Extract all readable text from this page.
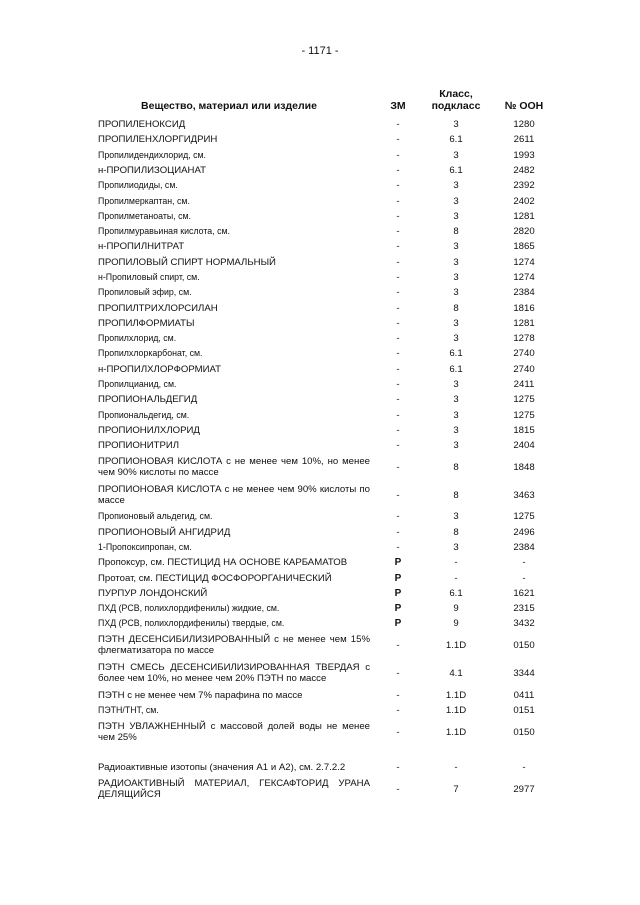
- 1171 -
Вещество, материал или изделие	ЗМ	Класс, подкласс	№ ООН
ПРОПИЛЕНОКСИД	-	3	1280
ПРОПИЛЕНХЛОРГИДРИН	-	6.1	2611
Пропилидендихлорид, см.	-	3	1993
н-ПРОПИЛИЗОЦИАНАТ	-	6.1	2482
Пропилиодиды, см.	-	3	2392
Пропилмеркаптан, см.	-	3	2402
Пропилметаноаты, см.	-	3	1281
Пропилмуравьиная кислота, см.	-	8	2820
н-ПРОПИЛНИТРАТ	-	3	1865
ПРОПИЛОВЫЙ СПИРТ НОРМАЛЬНЫЙ	-	3	1274
н-Пропиловый спирт, см.	-	3	1274
Пропиловый эфир, см.	-	3	2384
ПРОПИЛТРИХЛОРСИЛАН	-	8	1816
ПРОПИЛФОРМИАТЫ	-	3	1281
Пропилхлорид, см.	-	3	1278
Пропилхлоркарбонат, см.	-	6.1	2740
н-ПРОПИЛХЛОРФОРМИАТ	-	6.1	2740
Пропилцианид, см.	-	3	2411
ПРОПИОНАЛЬДЕГИД	-	3	1275
Пропиональдегид, см.	-	3	1275
ПРОПИОНИЛХЛОРИД	-	3	1815
ПРОПИОНИТРИЛ	-	3	2404
ПРОПИОНОВАЯ КИСЛОТА с не менее чем 10%, но менее чем 90% кислоты по массе	-	8	1848
ПРОПИОНОВАЯ КИСЛОТА с не менее чем 90% кислоты по массе	-	8	3463
Пропионовый альдегид, см.	-	3	1275
ПРОПИОНОВЫЙ АНГИДРИД	-	8	2496
1-Пропоксипропан, см.	-	3	2384
Пропоксур, см. ПЕСТИЦИД НА ОСНОВЕ КАРБАМАТОВ	P	-	-
Протоат, см. ПЕСТИЦИД ФОСФОРОРГАНИЧЕСКИЙ	P	-	-
ПУРПУР ЛОНДОНСКИЙ	P	6.1	1621
ПХД (PCB, полихлордифенилы) жидкие, см.	P	9	2315
ПХД (PCB, полихлордифенилы) твердые, см.	P	9	3432
ПЭТН ДЕСЕНСИБИЛИЗИРОВАННЫЙ с не менее чем 15% флегматизатора по массе	-	1.1D	0150
ПЭТН СМЕСЬ ДЕСЕНСИБИЛИЗИРОВАННАЯ ТВЕРДАЯ с более чем 10%, но менее чем 20% ПЭТН по массе	-	4.1	3344
ПЭТН с не менее чем 7% парафина по массе	-	1.1D	0411
ПЭТН/ТНТ, см.	-	1.1D	0151
ПЭТН УВЛАЖНЕННЫЙ с массовой долей воды не менее чем 25%	-	1.1D	0150
Радиоактивные изотопы (значения A1 и A2), см. 2.7.2.2	-	-	-
РАДИОАКТИВНЫЙ МАТЕРИАЛ, ГЕКСАФТОРИД УРАНА ДЕЛЯЩИЙСЯ	-	7	2977
